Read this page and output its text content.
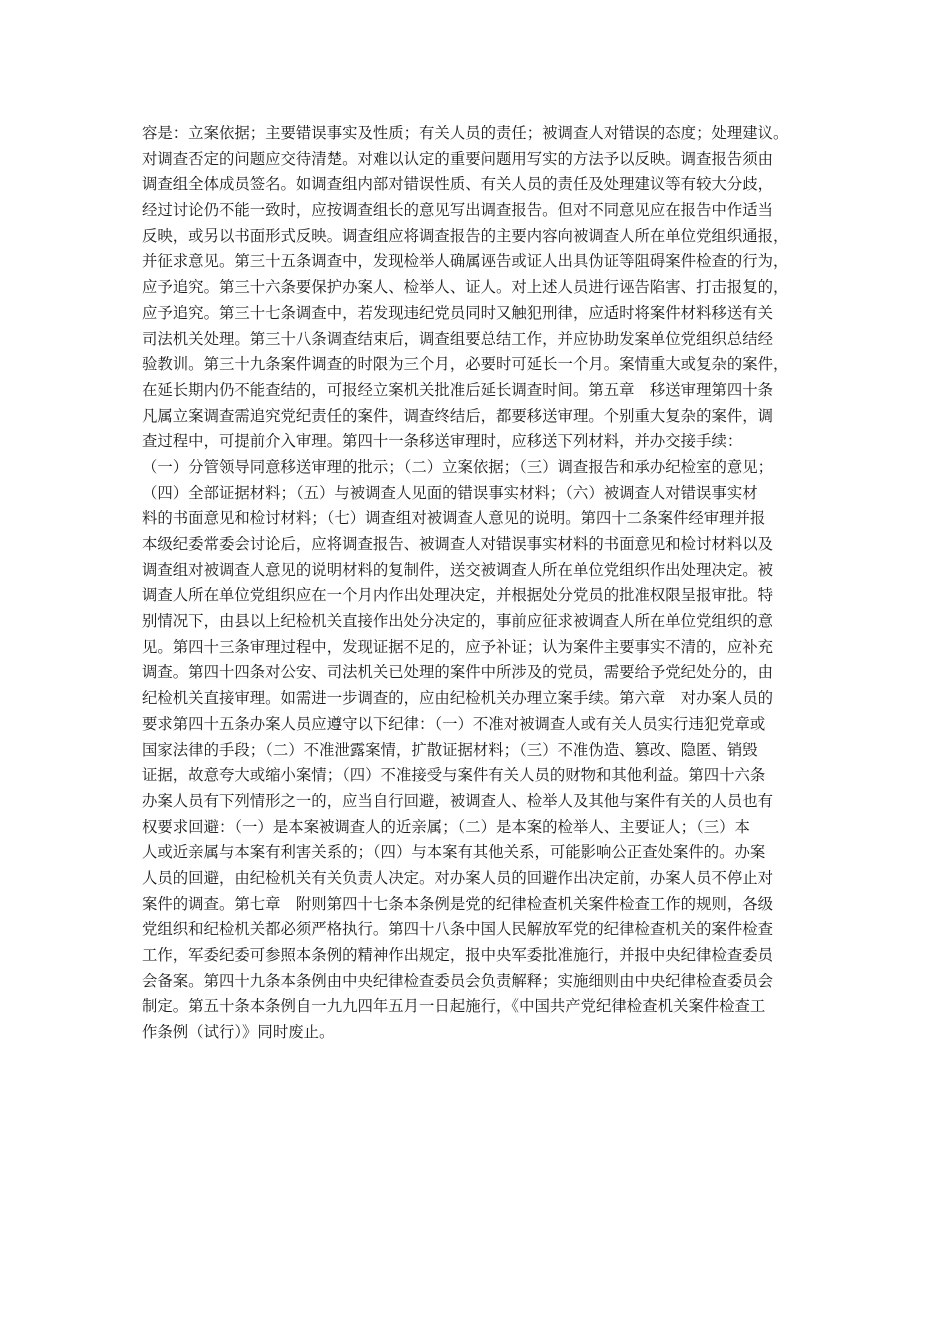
容是：立案依据；主要错误事实及性质；有关人员的责任；被调查人对错误的态度；处理建议。
对调查否定的问题应交待清楚。对难以认定的重要问题用写实的方法予以反映。调查报告须由
调查组全体成员签名。如调查组内部对错误性质、有关人员的责任及处理建议等有较大分歧，
经过讨论仍不能一致时，应按调查组长的意见写出调查报告。但对不同意见应在报告中作适当
反映，或另以书面形式反映。调查组应将调查报告的主要内容向被调查人所在单位党组织通报，
并征求意见。第三十五条调查中，发现检举人确属诬告或证人出具伪证等阻碍案件检查的行为，
应予追究。第三十六条要保护办案人、检举人、证人。对上述人员进行诬告陷害、打击报复的，
应予追究。第三十七条调查中，若发现违纪党员同时又触犯刑律，应适时将案件材料移送有关
司法机关处理。第三十八条调查结束后，调查组要总结工作，并应协助发案单位党组织总结经
验教训。第三十九条案件调查的时限为三个月，必要时可延长一个月。案情重大或复杂的案件，
在延长期内仍不能查结的，可报经立案机关批准后延长调查时间。第五章　移送审理第四十条
凡属立案调查需追究党纪责任的案件，调查终结后，都要移送审理。个别重大复杂的案件，调
查过程中，可提前介入审理。第四十一条移送审理时，应移送下列材料，并办交接手续：
（一）分管领导同意移送审理的批示；（二）立案依据；（三）调查报告和承办纪检室的意见；
（四）全部证据材料；（五）与被调查人见面的错误事实材料；（六）被调查人对错误事实材
料的书面意见和检讨材料；（七）调查组对被调查人意见的说明。第四十二条案件经审理并报
本级纪委常委会讨论后，应将调查报告、被调查人对错误事实材料的书面意见和检讨材料以及
调查组对被调查人意见的说明材料的复制件，送交被调查人所在单位党组织作出处理决定。被
调查人所在单位党组织应在一个月内作出处理决定，并根据处分党员的批准权限呈报审批。特
别情况下，由县以上纪检机关直接作出处分决定的，事前应征求被调查人所在单位党组织的意
见。第四十三条审理过程中，发现证据不足的，应予补证；认为案件主要事实不清的，应补充
调查。第四十四条对公安、司法机关已处理的案件中所涉及的党员，需要给予党纪处分的，由
纪检机关直接审理。如需进一步调查的，应由纪检机关办理立案手续。第六章　对办案人员的
要求第四十五条办案人员应遵守以下纪律：（一）不准对被调查人或有关人员实行违犯党章或
国家法律的手段；（二）不准泄露案情，扩散证据材料；（三）不准伪造、篡改、隐匿、销毁
证据，故意夸大或缩小案情；（四）不准接受与案件有关人员的财物和其他利益。第四十六条
办案人员有下列情形之一的，应当自行回避，被调查人、检举人及其他与案件有关的人员也有
权要求回避：（一）是本案被调查人的近亲属；（二）是本案的检举人、主要证人；（三）本
人或近亲属与本案有利害关系的；（四）与本案有其他关系，可能影响公正查处案件的。办案
人员的回避，由纪检机关有关负责人决定。对办案人员的回避作出决定前，办案人员不停止对
案件的调查。第七章　附则第四十七条本条例是党的纪律检查机关案件检查工作的规则，各级
党组织和纪检机关都必须严格执行。第四十八条中国人民解放军党的纪律检查机关的案件检查
工作，军委纪委可参照本条例的精神作出规定，报中央军委批准施行，并报中央纪律检查委员
会备案。第四十九条本条例由中央纪律检查委员会负责解释；实施细则由中央纪律检查委员会
制定。第五十条本条例自一九九四年五月一日起施行，《中国共产党纪律检查机关案件检查工
作条例（试行）》同时废止。
